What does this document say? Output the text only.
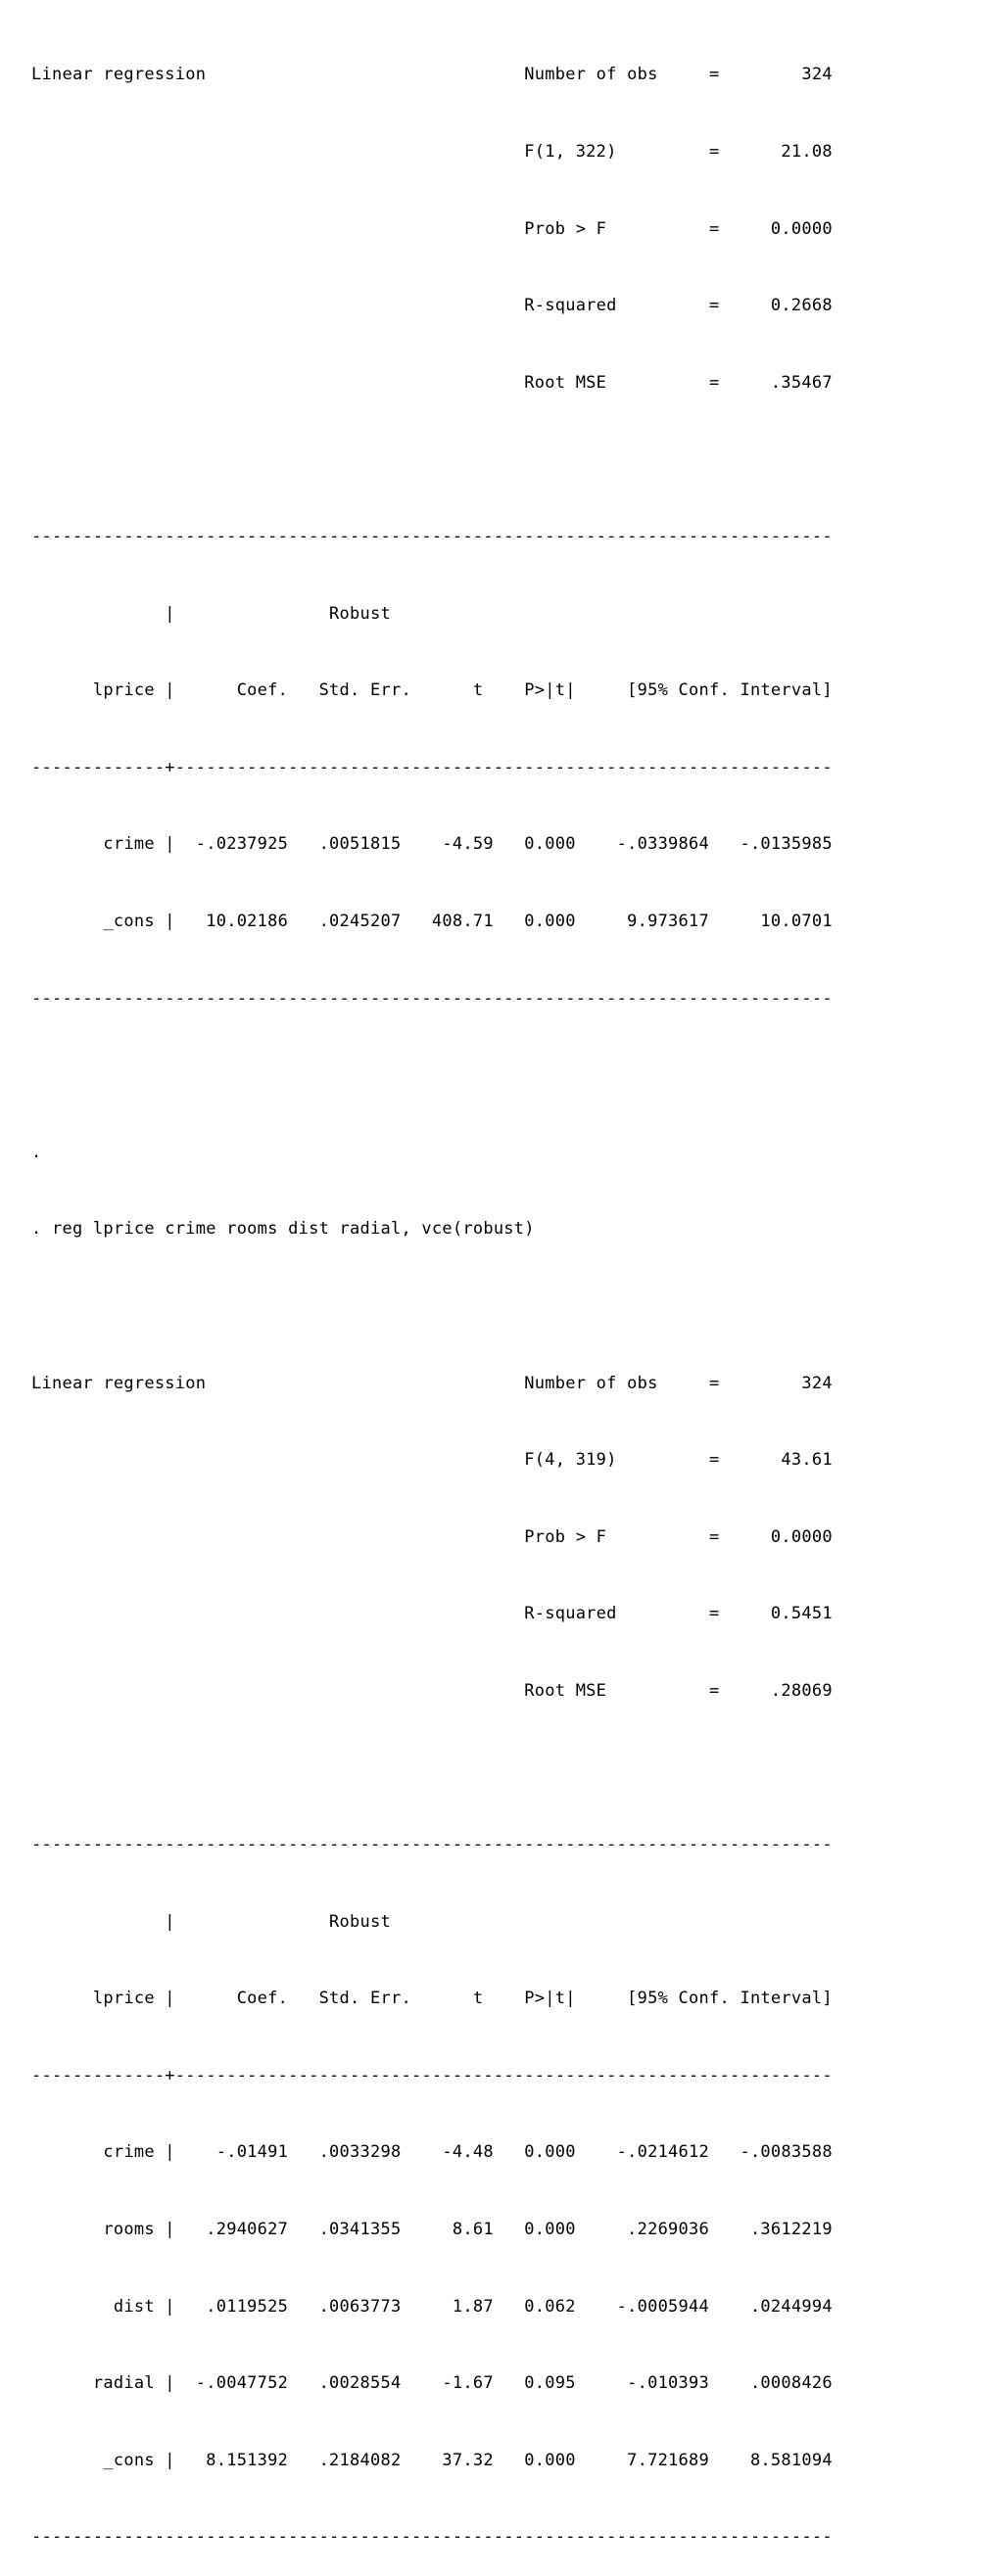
Linear regression                               Number of obs     =        324

F(1, 322)         =      21.08

Prob > F          =     0.0000

R-squared         =     0.2668

Root MSE          =     .35467

------------------------------------------------------------------------------

|               Robust

lprice |      Coef.   Std. Err.      t    P>|t|     [95% Conf. Interval]

-------------+----------------------------------------------------------------

crime |  -.0237925   .0051815    -4.59   0.000    -.0339864   -.0135985

_cons |   10.02186   .0245207   408.71   0.000     9.973617     10.0701

------------------------------------------------------------------------------

.

. reg lprice crime rooms dist radial, vce(robust)

Linear regression                               Number of obs     =        324

F(4, 319)         =      43.61

Prob > F          =     0.0000

R-squared         =     0.5451

Root MSE          =     .28069

------------------------------------------------------------------------------

|               Robust

lprice |      Coef.   Std. Err.      t    P>|t|     [95% Conf. Interval]

-------------+----------------------------------------------------------------

crime |    -.01491   .0033298    -4.48   0.000    -.0214612   -.0083588

rooms |   .2940627   .0341355     8.61   0.000     .2269036    .3612219

dist |   .0119525   .0063773     1.87   0.062    -.0005944    .0244994

radial |  -.0047752   .0028554    -1.67   0.095     -.010393    .0008426

_cons |   8.151392   .2184082    37.32   0.000     7.721689    8.581094

------------------------------------------------------------------------------
